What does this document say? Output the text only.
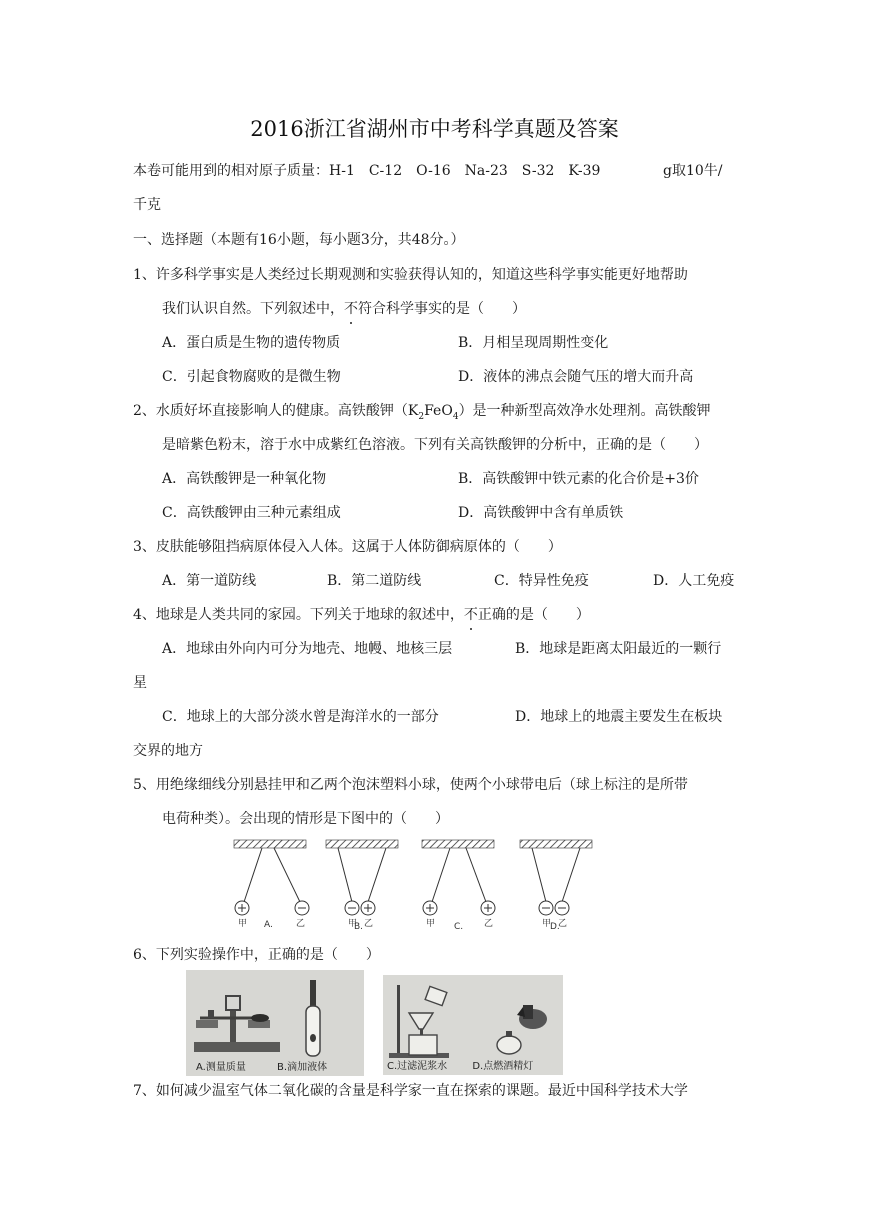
2016浙江省湖州市中考科学真题及答案
本卷可能用到的相对原子质量：H-1　C-12　O-16　Na-23　S-32　K-39	g取10牛/
千克
一、选择题（本题有16小题，每小题3分，共48分。）
1、许多科学事实是人类经过长期观测和实验获得认知的，知道这些科学事实能更好地帮助
我们认识自然。下列叙述中，不符合科学事实的是（　　）
A．蛋白质是生物的遗传物质	B．月相呈现周期性变化
C．引起食物腐败的是微生物	D．液体的沸点会随气压的增大而升高
2、水质好坏直接影响人的健康。高铁酸钾$(K_2FeO_4)$是一种新型高效净水处理剂。高铁酸钾
是暗紫色粉末，溶于水中成紫红色溶液。下列有关高铁酸钾的分析中，正确的是（　　）
A．高铁酸钾是一种氧化物	B．高铁酸钾中铁元素的化合价是+3价
C．高铁酸钾由三种元素组成	D．高铁酸钾中含有单质铁
3、皮肤能够阻挡病原体侵入人体。这属于人体防御病原体的（　　）
A．第一道防线	B．第二道防线	C．特异性免疫	D．人工免疫
4、地球是人类共同的家园。下列关于地球的叙述中，不正确的是（　　）
A．地球由外向内可分为地壳、地幔、地核三层	B．地球是距离太阳最近的一颗行
星
C．地球上的大部分淡水曾是海洋水的一部分	D．地球上的地震主要发生在板块
交界的地方
5、用绝缘细线分别悬挂甲和乙两个泡沫塑料小球，使两个小球带电后（球上标注的是所带
电荷种类）。会出现的情形是下图中的（　　）
甲	乙
A.	甲 乙
B.	甲	乙
C.	甲 乙
D.
6、下列实验操作中，正确的是（　　）
A.测量质量	B.滴加液体	C.过滤泥浆水	D.点燃酒精灯
7、如何减少温室气体二氧化碳的含量是科学家一直在探索的课题。最近中国科学技术大学
